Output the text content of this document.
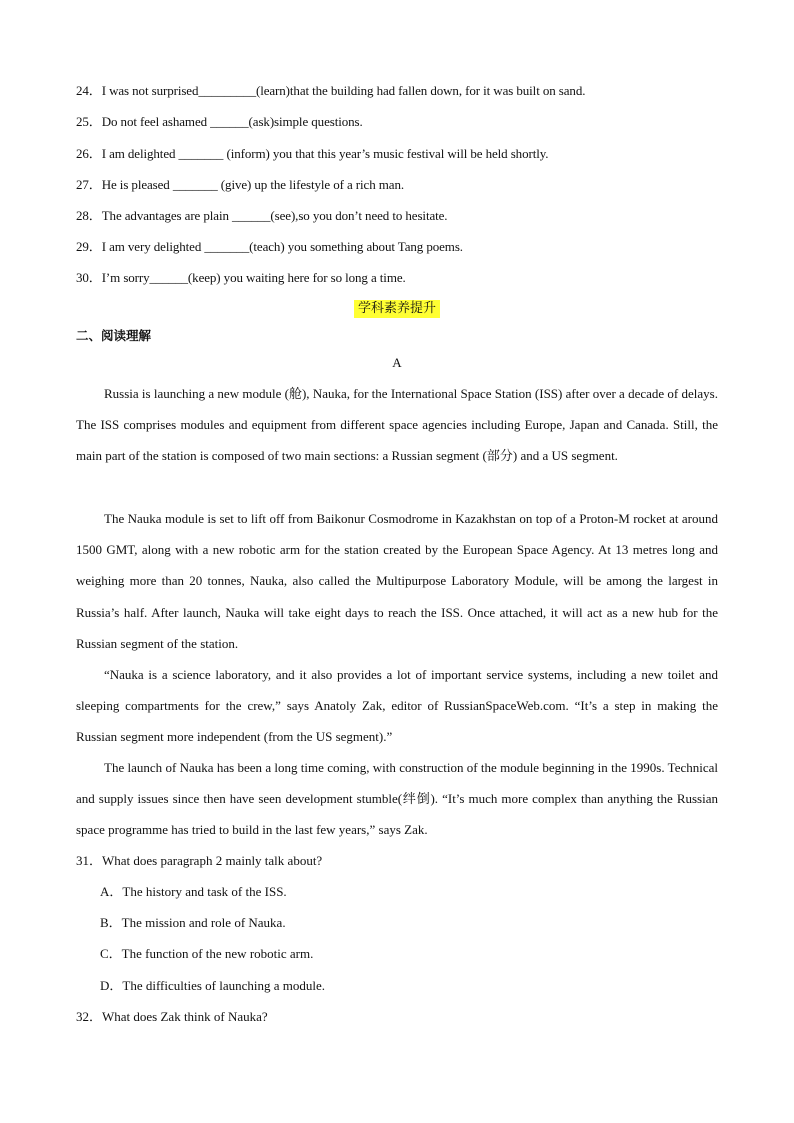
24．I was not surprised_________(learn)that the building had fallen down, for it was built on sand.
25．Do not feel ashamed ______(ask)simple questions.
26．I am delighted _______ (inform) you that this year’s music festival will be held shortly.
27．He is pleased _______ (give) up the lifestyle of a rich man.
28．The advantages are plain ______(see),so you don’t need to hesitate.
29．I am very delighted _______(teach) you something about Tang poems.
30．I’m sorry______(keep) you waiting here for so long a time.
学科素养提升
二、阅读理解
A

Russia is launching a new module (舱), Nauka, for the International Space Station (ISS) after over a decade of delays. The ISS comprises modules and equipment from different space agencies including Europe, Japan and Canada. Still, the main part of the station is composed of two main sections: a Russian segment (部分) and a US segment.

The Nauka module is set to lift off from Baikonur Cosmodrome in Kazakhstan on top of a Proton-M rocket at around 1500 GMT, along with a new robotic arm for the station created by the European Space Agency. At 13 metres long and weighing more than 20 tonnes, Nauka, also called the Multipurpose Laboratory Module, will be among the largest in Russia’s half. After launch, Nauka will take eight days to reach the ISS. Once attached, it will act as a new hub for the Russian segment of the station.

“Nauka is a science laboratory, and it also provides a lot of important service systems, including a new toilet and sleeping compartments for the crew,” says Anatoly Zak, editor of RussianSpaceWeb.com. “It’s a step in making the Russian segment more independent (from the US segment).”

The launch of Nauka has been a long time coming, with construction of the module beginning in the 1990s. Technical and supply issues since then have seen development stumble(绊倒). “It’s much more complex than anything the Russian space programme has tried to build in the last few years,” says Zak.

31．What does paragraph 2 mainly talk about?
A．The history and task of the ISS.
B．The mission and role of Nauka.
C．The function of the new robotic arm.
D．The difficulties of launching a module.
32．What does Zak think of Nauka?
